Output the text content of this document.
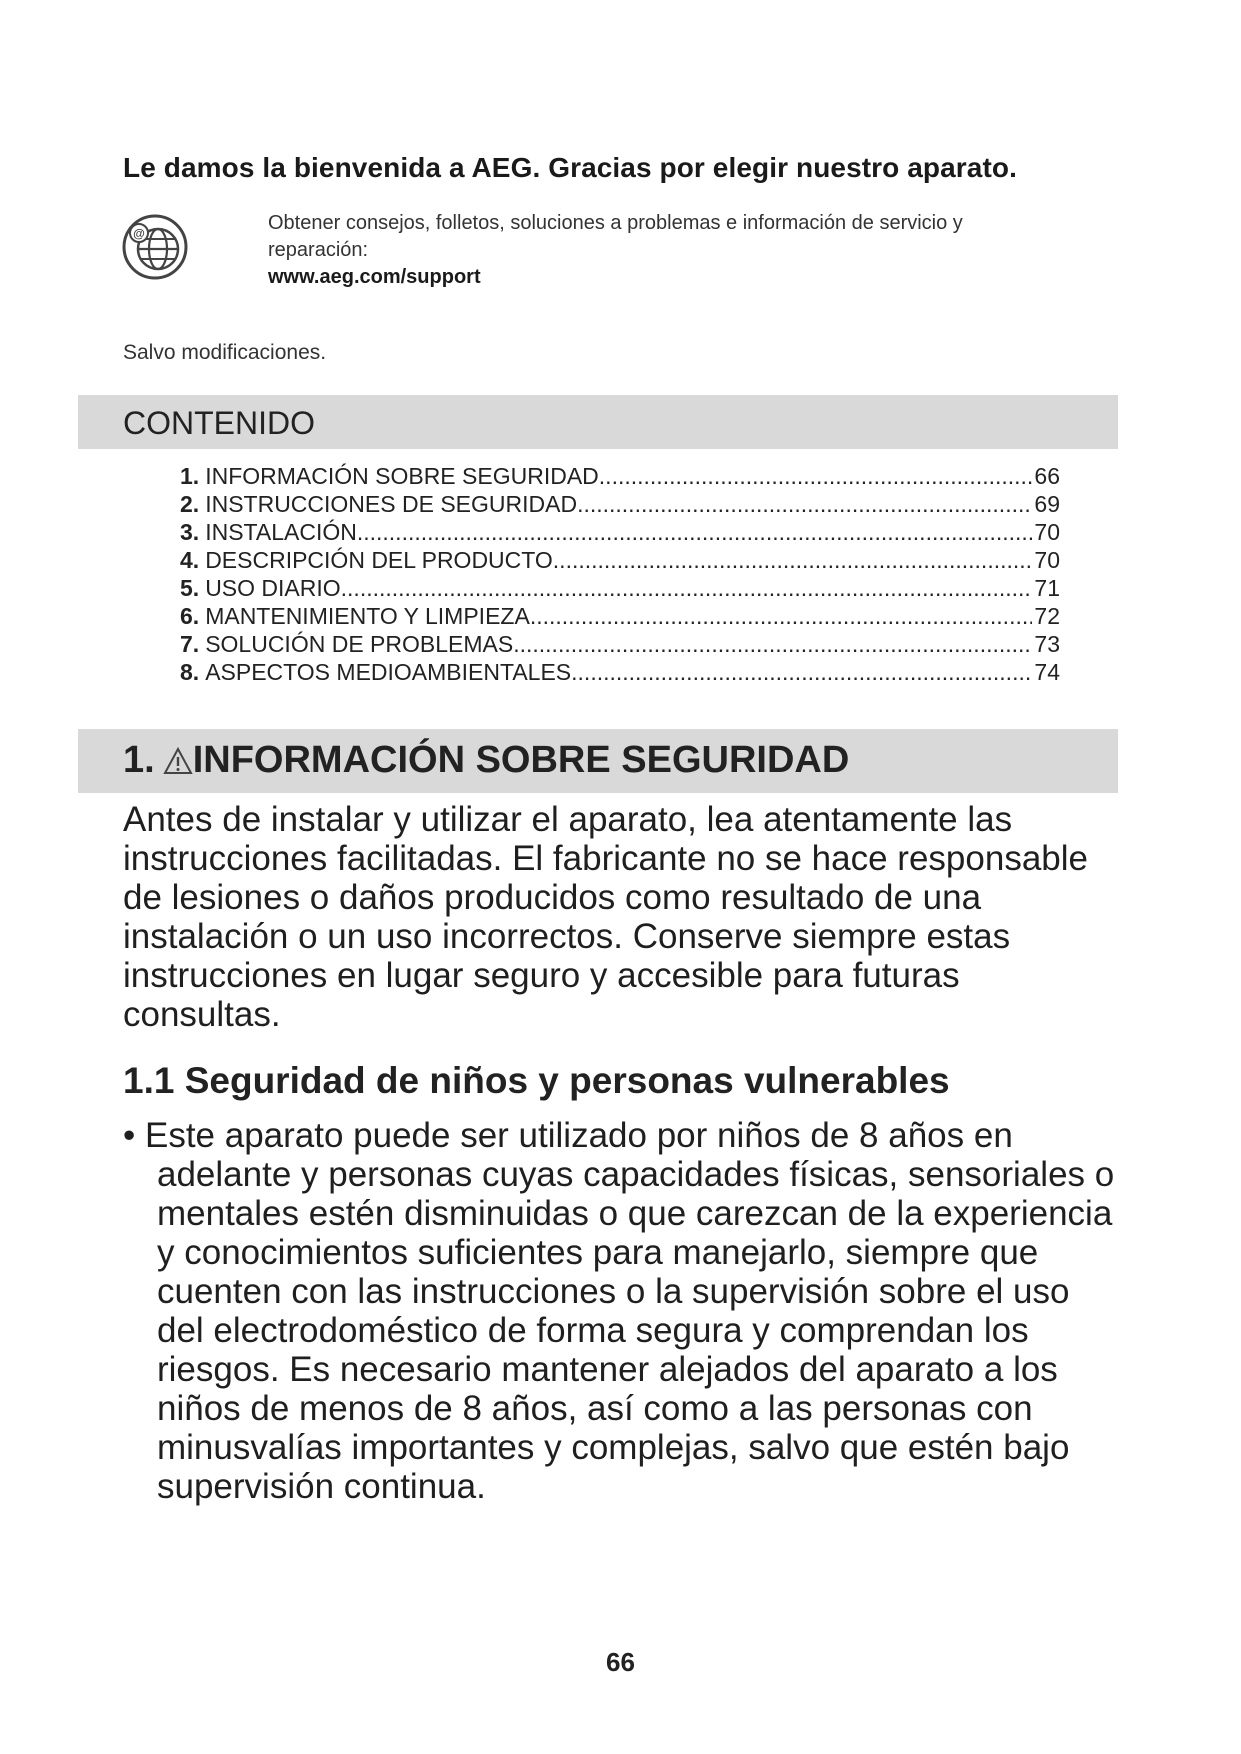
Le damos la bienvenida a AEG. Gracias por elegir nuestro aparato.
@	Obtener consejos, folletos, soluciones a problemas e información de servicio y reparación:
www.aeg.com/support
Salvo modificaciones.
CONTENIDO
1. INFORMACIÓN SOBRE SEGURIDAD .....	66
2. INSTRUCCIONES DE SEGURIDAD .....	69
3. INSTALACIÓN .....	70
4. DESCRIPCIÓN DEL PRODUCTO .....	70
5. USO DIARIO .....	71
6. MANTENIMIENTO Y LIMPIEZA .....	72
7. SOLUCIÓN DE PROBLEMAS .....	73
8. ASPECTOS MEDIOAMBIENTALES .....	74
1. INFORMACIÓN SOBRE SEGURIDAD
Antes de instalar y utilizar el aparato, lea atentamente las instrucciones facilitadas. El fabricante no se hace responsable de lesiones o daños producidos como resultado de una instalación o un uso incorrectos. Conserve siempre estas instrucciones en lugar seguro y accesible para futuras consultas.
1.1 Seguridad de niños y personas vulnerables
• Este aparato puede ser utilizado por niños de 8 años en adelante y personas cuyas capacidades físicas, sensoriales o mentales estén disminuidas o que carezcan de la experiencia y conocimientos suficientes para manejarlo, siempre que cuenten con las instrucciones o la supervisión sobre el uso del electrodoméstico de forma segura y comprendan los riesgos. Es necesario mantener alejados del aparato a los niños de menos de 8 años, así como a las personas con minusvalías importantes y complejas, salvo que estén bajo supervisión continua.
66
